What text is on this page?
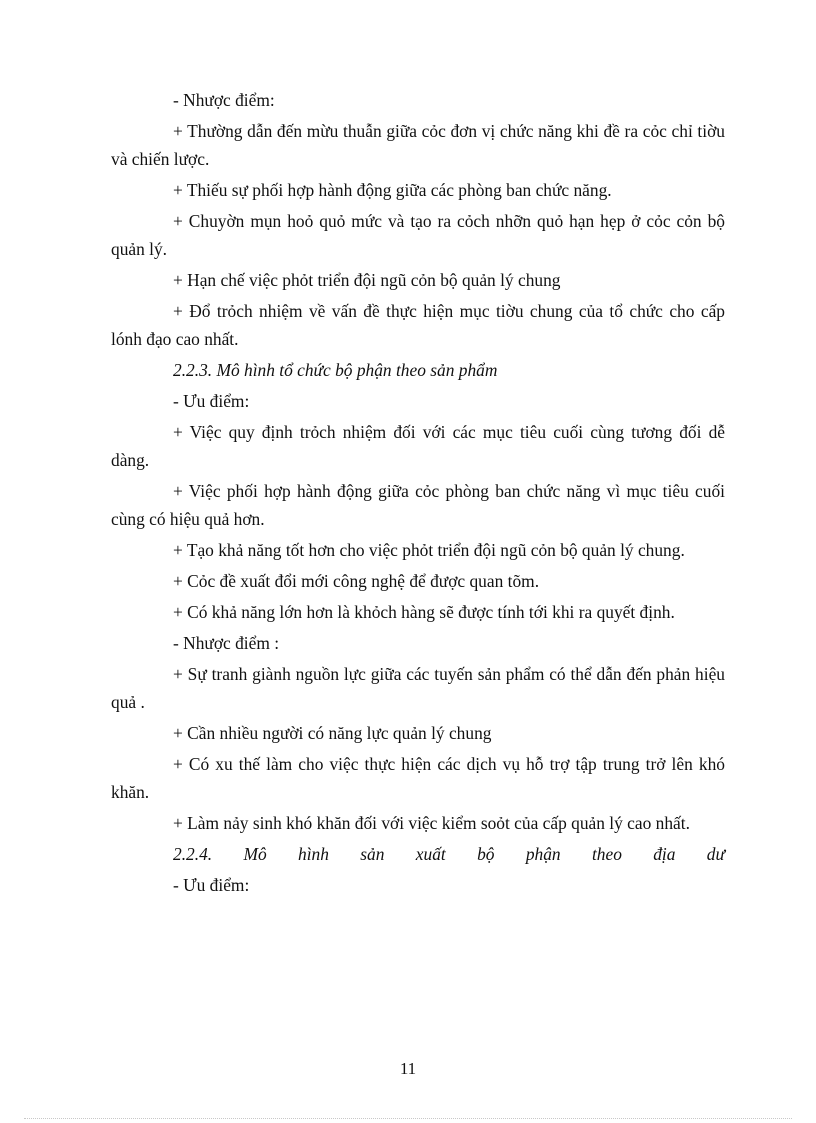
- Nhược điểm:

+ Thường dẫn đến mừu thuẫn giữa cỏc đơn vị chức năng khi đề ra cỏc chỉ tiờu và chiến lược.

+ Thiếu sự phối hợp hành động giữa các phòng ban chức năng.

+ Chuyờn mụn hoỏ quỏ mức và tạo ra cỏch nhỡn quỏ hạn hẹp ở cỏc cỏn bộ quản lý.

+ Hạn chế việc phỏt triển đội ngũ cỏn bộ quản lý chung

+ Đổ trỏch nhiệm về vấn đề thực hiện mục tiờu chung của tổ chức cho cấp lónh đạo cao nhất.

2.2.3. Mô hình tổ chức bộ phận theo sản phẩm

- Ưu điểm:

+ Việc quy định trỏch nhiệm đối với các mục tiêu cuối cùng tương đối dễ dàng.

+ Việc phối hợp hành động giữa cỏc phòng ban chức năng vì mục tiêu cuối cùng có hiệu quả hơn.

+ Tạo khả năng tốt hơn cho việc phỏt triển đội ngũ cỏn bộ quản lý chung.

+ Cỏc đề xuất đổi mới công nghệ để được quan tõm.

+ Có khả năng lớn hơn là khỏch hàng sẽ được tính tới khi ra quyết định.

- Nhược điểm :

+ Sự tranh giành nguồn lực giữa các tuyến sản phẩm có thể dẫn đến phản hiệu quả .

+ Cần nhiều người có năng lực quản lý chung

+ Có xu thế làm cho việc thực hiện các dịch vụ hỗ trợ tập trung trở lên khó khăn.

+ Làm nảy sinh khó khăn đối với việc kiểm soỏt của cấp quản lý cao nhất.

2.2.4. Mô hình sản xuất bộ phận theo địa dư

- Ưu điểm:

11
